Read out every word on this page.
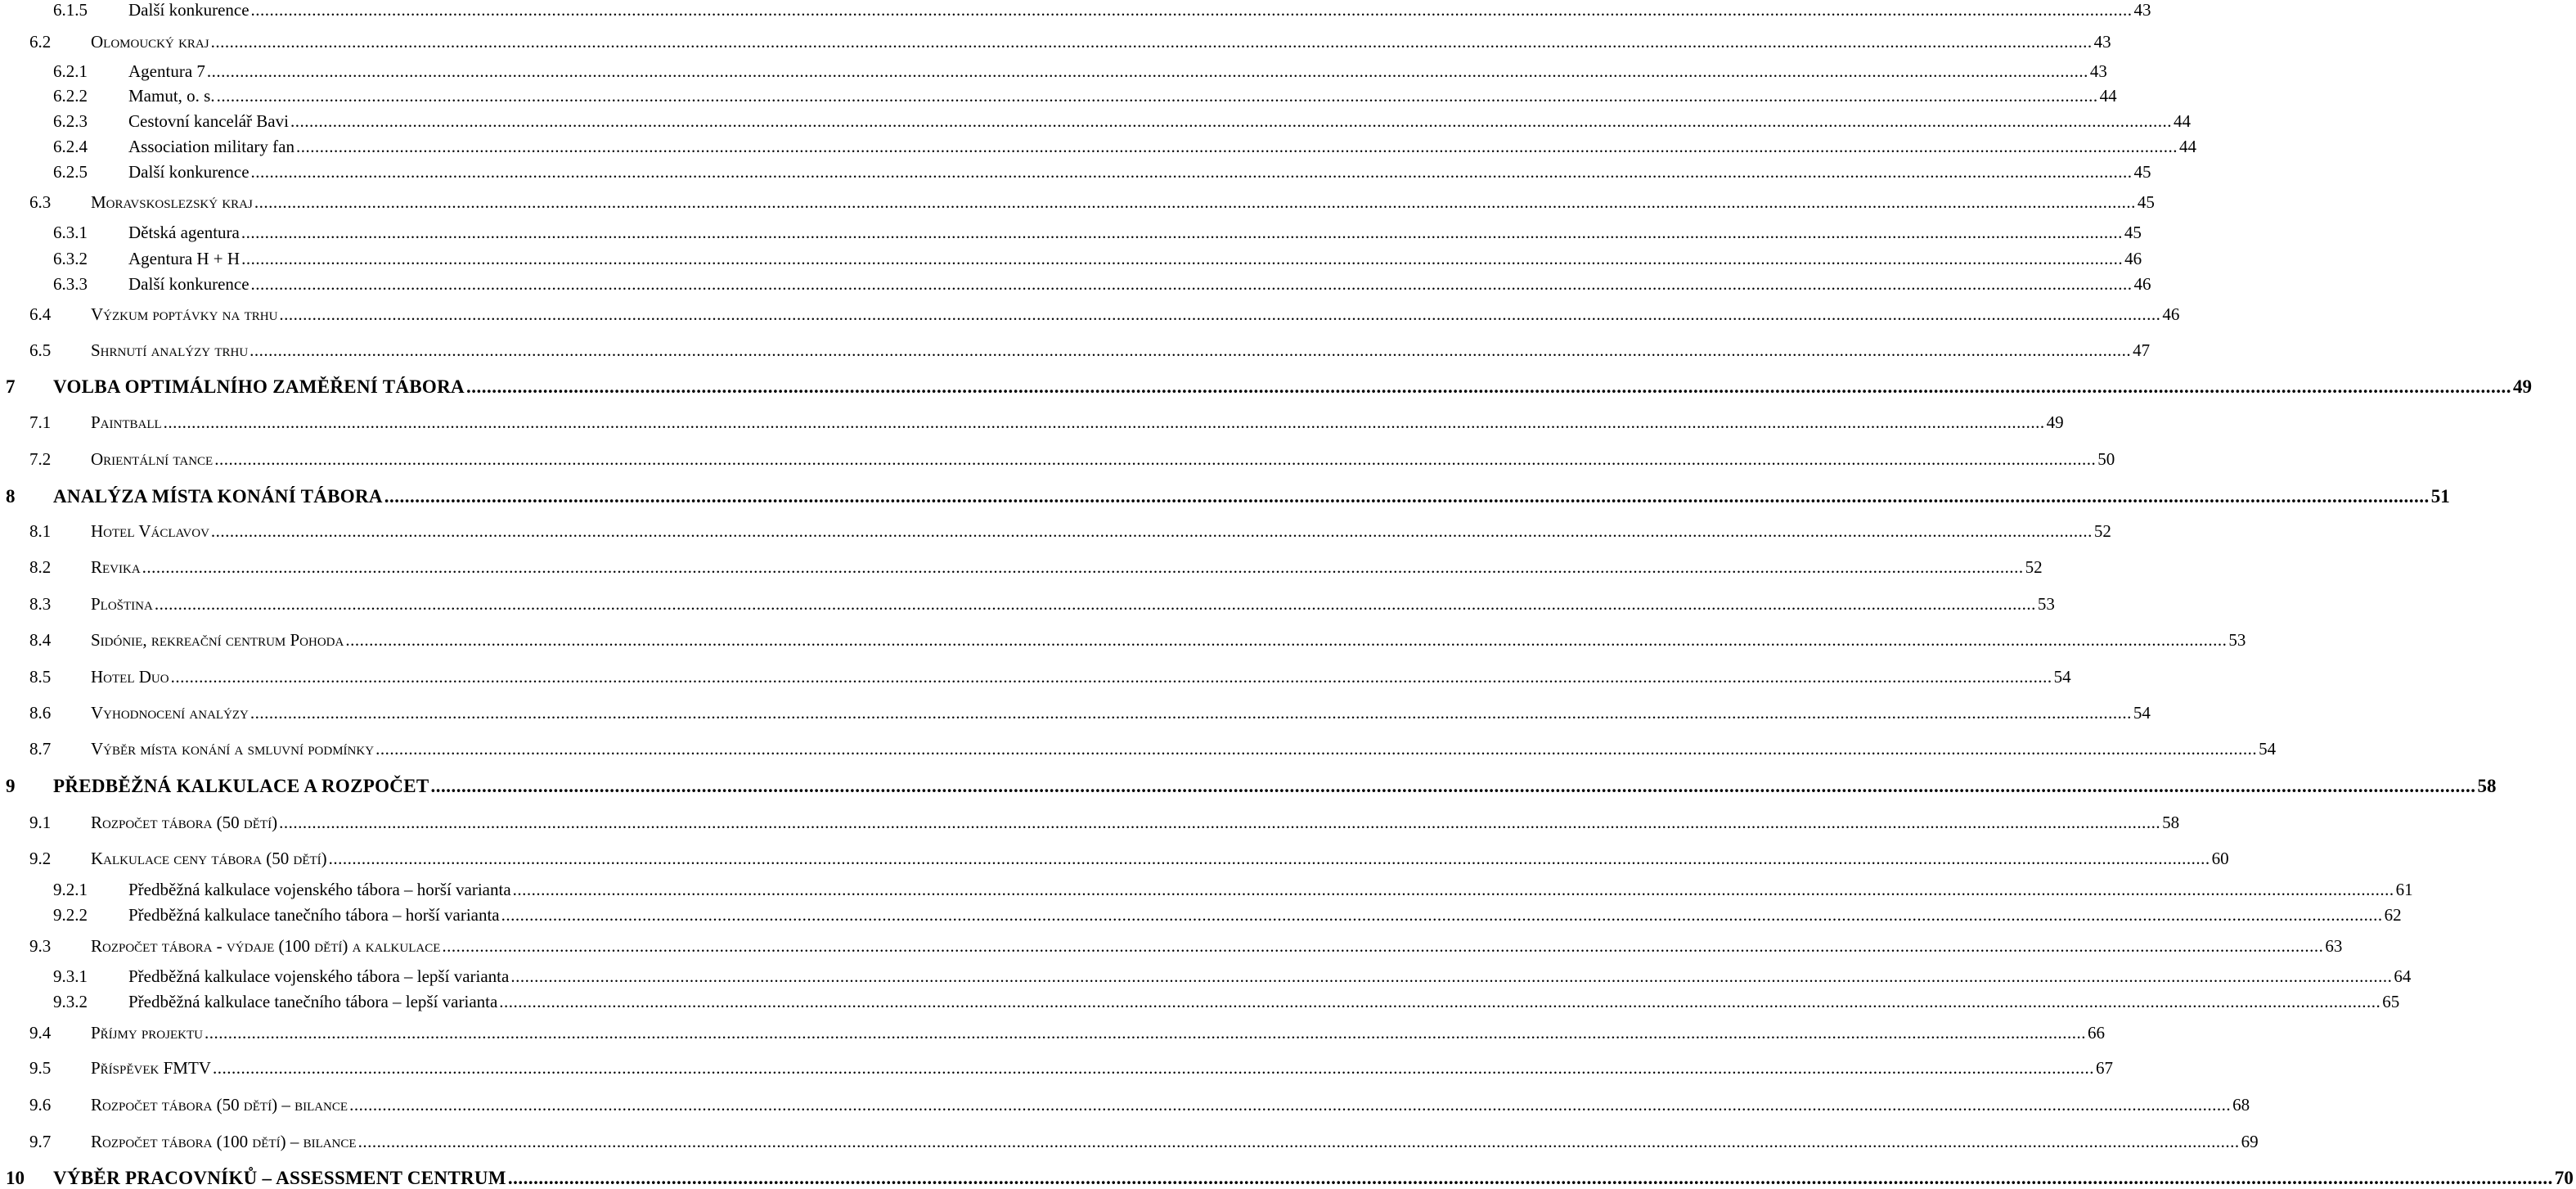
6.1.5	Další konkurence ................................................................................................................................................................................................................................................................................................................................................................................................................ 43
6.2	Olomoucký kraj ................................................................................................................................................................................................................................................................................................................................................................................................................ 43
6.2.1	Agentura 7 ................................................................................................................................................................................................................................................................................................................................................................................................................ 43
6.2.2	Mamut, o. s. ................................................................................................................................................................................................................................................................................................................................................................................................................ 44
6.2.3	Cestovní kancelář Bavi ................................................................................................................................................................................................................................................................................................................................................................................................................ 44
6.2.4	Association military fan ................................................................................................................................................................................................................................................................................................................................................................................................................ 44
6.2.5	Další konkurence ................................................................................................................................................................................................................................................................................................................................................................................................................ 45
6.3	Moravskoslezský kraj ................................................................................................................................................................................................................................................................................................................................................................................................................ 45
6.3.1	Dětská agentura ................................................................................................................................................................................................................................................................................................................................................................................................................ 45
6.3.2	Agentura H + H ................................................................................................................................................................................................................................................................................................................................................................................................................ 46
6.3.3	Další konkurence ................................................................................................................................................................................................................................................................................................................................................................................................................ 46
6.4	Výzkum poptávky na trhu ................................................................................................................................................................................................................................................................................................................................................................................................................ 46
6.5	Shrnutí analýzy trhu ................................................................................................................................................................................................................................................................................................................................................................................................................ 47
7	VOLBA OPTIMÁLNÍHO ZAMĚŘENÍ TÁBORA ................................................................................................................................................................................................................................................................................................................................................................................................................ 49
7.1	Paintball ................................................................................................................................................................................................................................................................................................................................................................................................................ 49
7.2	Orientální tance ................................................................................................................................................................................................................................................................................................................................................................................................................ 50
8	ANALÝZA MÍSTA KONÁNÍ TÁBORA ................................................................................................................................................................................................................................................................................................................................................................................................................ 51
8.1	Hotel Václavov ................................................................................................................................................................................................................................................................................................................................................................................................................ 52
8.2	Revika ................................................................................................................................................................................................................................................................................................................................................................................................................ 52
8.3	Ploština ................................................................................................................................................................................................................................................................................................................................................................................................................ 53
8.4	Sidónie, rekreační centrum Pohoda ................................................................................................................................................................................................................................................................................................................................................................................................................ 53
8.5	Hotel Duo ................................................................................................................................................................................................................................................................................................................................................................................................................ 54
8.6	Vyhodnocení analýzy ................................................................................................................................................................................................................................................................................................................................................................................................................ 54
8.7	Výběr místa konání a smluvní podmínky ................................................................................................................................................................................................................................................................................................................................................................................................................ 54
9	PŘEDBĚŽNÁ KALKULACE A ROZPOČET ................................................................................................................................................................................................................................................................................................................................................................................................................ 58
9.1	Rozpočet tábora (50 dětí) ................................................................................................................................................................................................................................................................................................................................................................................................................ 58
9.2	Kalkulace ceny tábora (50 dětí) ................................................................................................................................................................................................................................................................................................................................................................................................................ 60
9.2.1	Předběžná kalkulace vojenského tábora – horší varianta ................................................................................................................................................................................................................................................................................................................................................................................................................ 61
9.2.2	Předběžná kalkulace tanečního tábora – horší varianta ................................................................................................................................................................................................................................................................................................................................................................................................................ 62
9.3	Rozpočet tábora - výdaje (100 dětí) a kalkulace ................................................................................................................................................................................................................................................................................................................................................................................................................ 63
9.3.1	Předběžná kalkulace vojenského tábora – lepší varianta ................................................................................................................................................................................................................................................................................................................................................................................................................ 64
9.3.2	Předběžná kalkulace tanečního tábora – lepší varianta ................................................................................................................................................................................................................................................................................................................................................................................................................ 65
9.4	Příjmy projektu ................................................................................................................................................................................................................................................................................................................................................................................................................ 66
9.5	Příspěvek FMTV ................................................................................................................................................................................................................................................................................................................................................................................................................ 67
9.6	Rozpočet tábora (50 dětí) – bilance ................................................................................................................................................................................................................................................................................................................................................................................................................ 68
9.7	Rozpočet tábora (100 dětí) – bilance ................................................................................................................................................................................................................................................................................................................................................................................................................ 69
10	VÝBĚR PRACOVNÍKŮ – ASSESSMENT CENTRUM ................................................................................................................................................................................................................................................................................................................................................................................................................ 70
